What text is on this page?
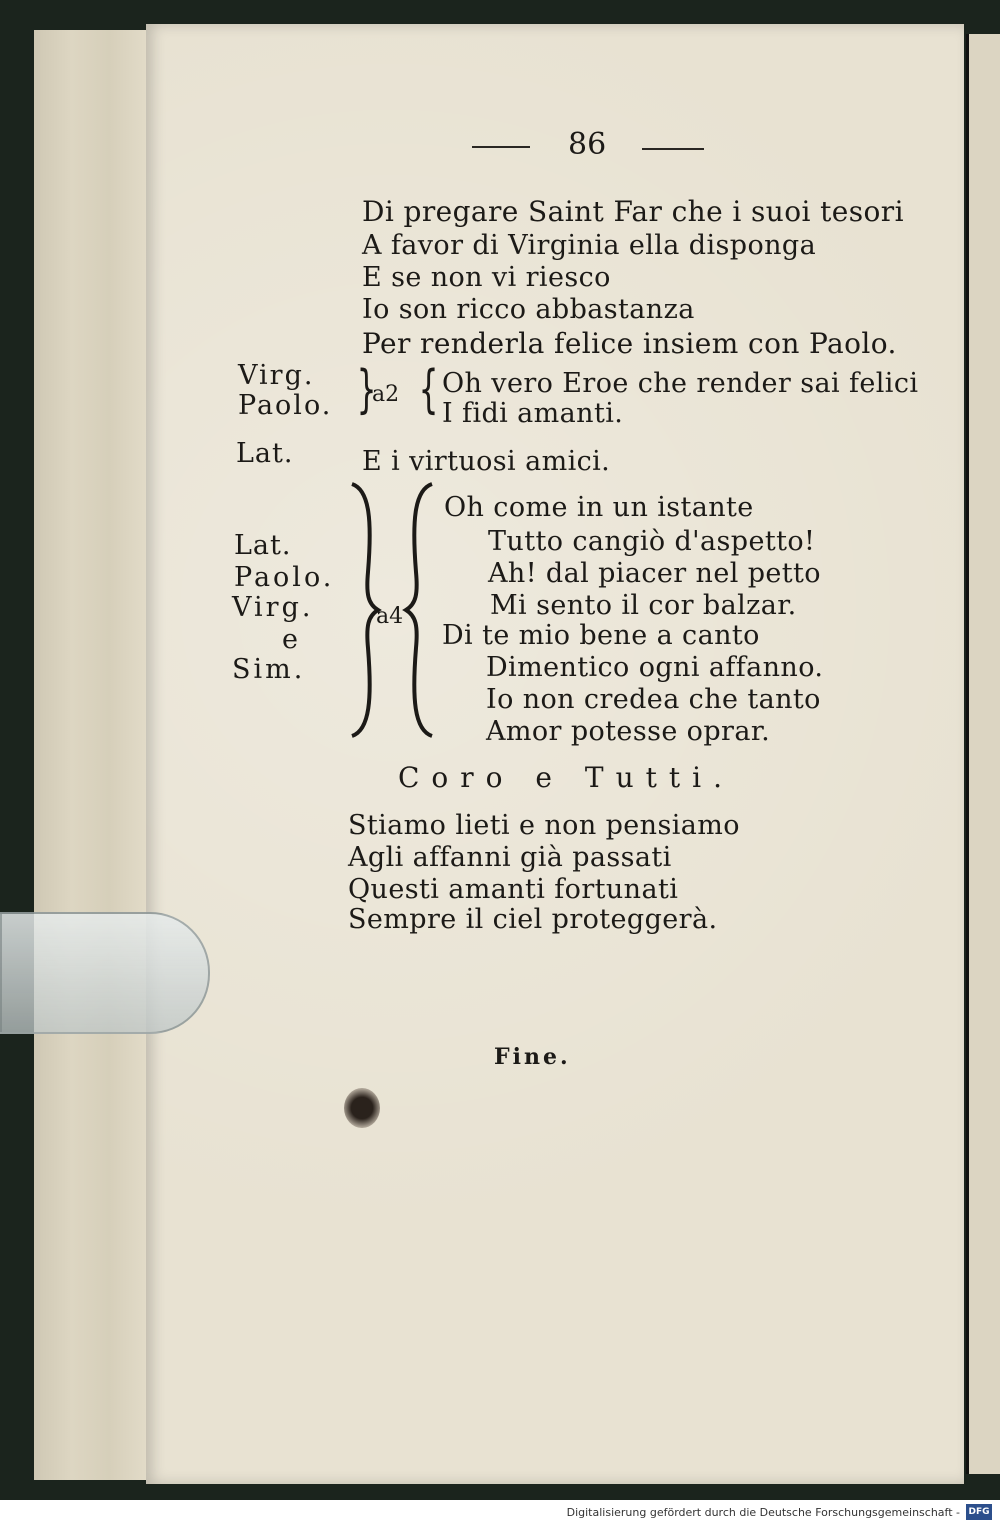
86
Di pregare Saint Far che i suoi tesori
A favor di Virginia ella disponga
E se non vi riesco
Io son ricco abbastanza
Per renderla felice insiem con Paolo.
Virg.
Paolo. }
a2 { Oh vero Eroe che render sai felici
I fidi amanti.
Lat.	E i virtuosi amici.
Lat.
Paolo.
Virg.
e
Sim.
a4
Oh come in un istante
Tutto cangiò d'aspetto!
Ah! dal piacer nel petto
Mi sento il cor balzar.
Di te mio bene a canto
Dimentico ogni affanno.
Io non credea che tanto
Amor potesse oprar.
Coro e Tutti.
Stiamo lieti e non pensiamo
Agli affanni già passati
Questi amanti fortunati
Sempre il ciel proteggerà.
Fine.
Digitalisierung gefördert durch die Deutsche Forschungsgemeinschaft - DFG
